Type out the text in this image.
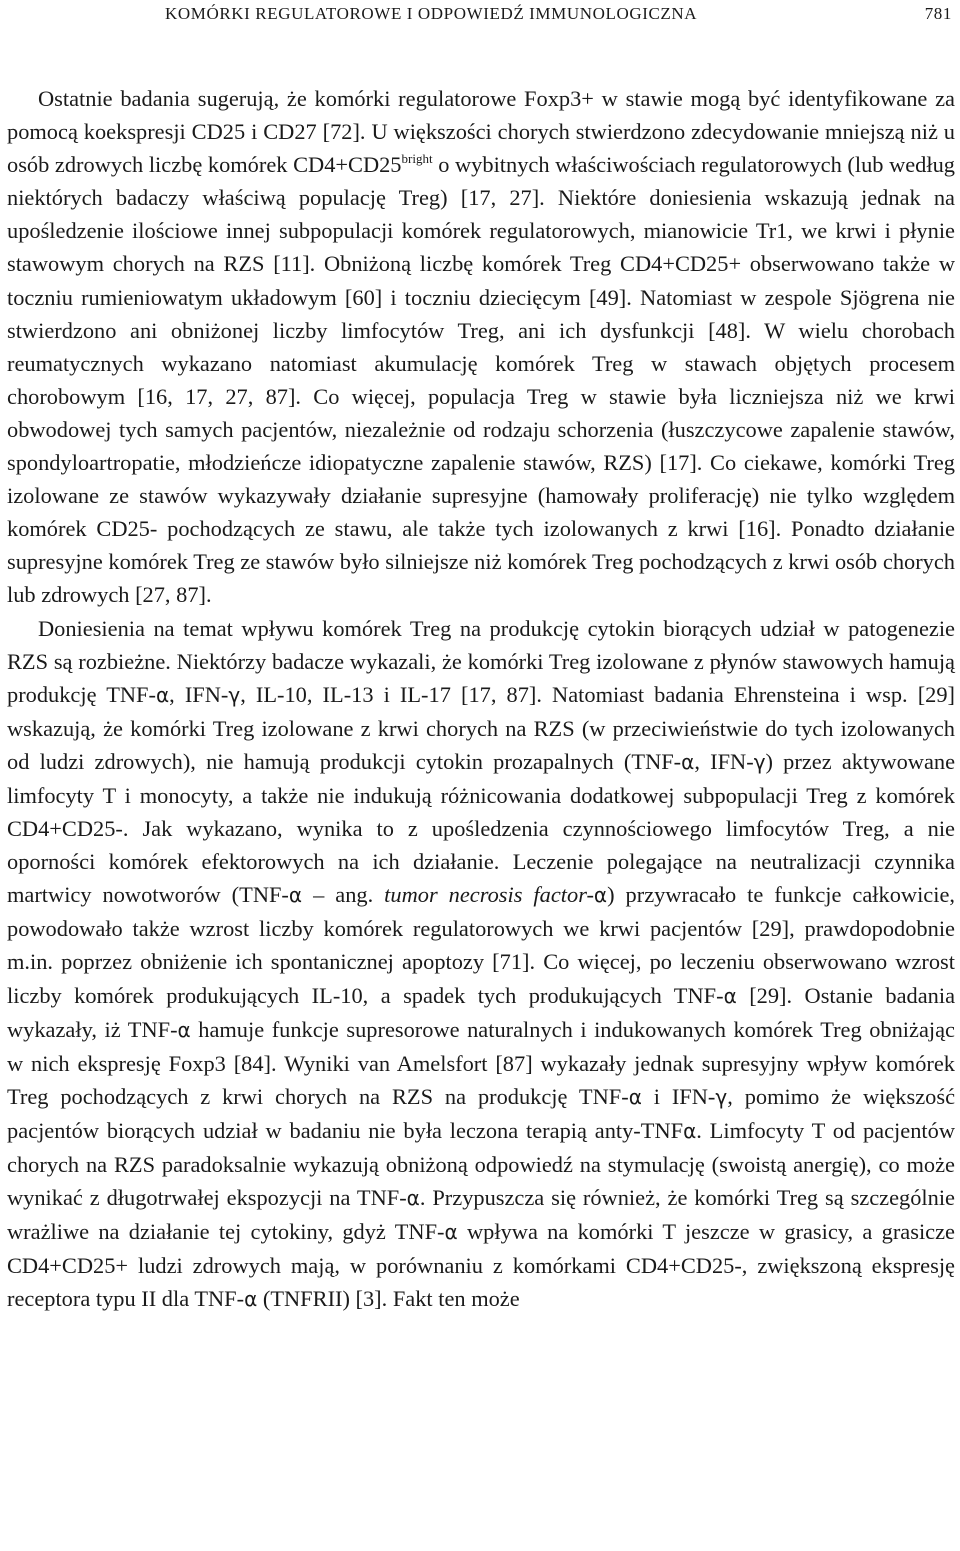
KOMÓRKI REGULATOROWE I ODPOWIEDŹ IMMUNOLOGICZNA	781

Ostatnie badania sugerują, że komórki regulatorowe Foxp3+ w stawie mogą być identyfikowane za pomocą koekspresji CD25 i CD27 [72]. U większości chorych stwierdzono zdecydowanie mniejszą niż u osób zdrowych liczbę komórek $CD4+CD25^{bright}$ o wybitnych właściwościach regulatorowych (lub według niektórych badaczy właściwą populację Treg) [17, 27]. Niektóre doniesienia wskazują jednak na upośledzenie ilościowe innej subpopulacji komórek regulatorowych, mianowicie Tr1, we krwi i płynie stawowym chorych na RZS [11]. Obniżoną liczbę komórek Treg CD4+CD25+ obserwowano także w toczniu rumieniowatym układowym [60] i toczniu dziecięcym [49]. Natomiast w zespole Sjögrena nie stwierdzono ani obniżonej liczby limfocytów Treg, ani ich dysfunkcji [48]. W wielu chorobach reumatycznych wykazano natomiast akumulację komórek Treg w stawach objętych procesem chorobowym [16, 17, 27, 87]. Co więcej, populacja Treg w stawie była liczniejsza niż we krwi obwodowej tych samych pacjentów, niezależnie od rodzaju schorzenia (łuszczycowe zapalenie stawów, spondyloartropatie, młodzieńcze idiopatyczne zapalenie stawów, RZS) [17]. Co ciekawe, komórki Treg izolowane ze stawów wykazywały działanie supresyjne (hamowały proliferację) nie tylko względem komórek CD25- pochodzących ze stawu, ale także tych izolowanych z krwi [16]. Ponadto działanie supresyjne komórek Treg ze stawów było silniejsze niż komórek Treg pochodzących z krwi osób chorych lub zdrowych [27, 87].

Doniesienia na temat wpływu komórek Treg na produkcję cytokin biorących udział w patogenezie RZS są rozbieżne. Niektórzy badacze wykazali, że komórki Treg izolowane z płynów stawowych hamują produkcję TNF-α, IFN-γ, IL-10, IL-13 i IL-17 [17, 87]. Natomiast badania Ehrensteina i wsp. [29] wskazują, że komórki Treg izolowane z krwi chorych na RZS (w przeciwieństwie do tych izolowanych od ludzi zdrowych), nie hamują produkcji cytokin prozapalnych (TNF-α, IFN-γ) przez aktywowane limfocyty T i monocyty, a także nie indukują różnicowania dodatkowej subpopulacji Treg z komórek CD4+CD25-. Jak wykazano, wynika to z upośledzenia czynnościowego limfocytów Treg, a nie oporności komórek efektorowych na ich działanie. Leczenie polegające na neutralizacji czynnika martwicy nowotworów (TNF-α – ang. tumor necrosis factor-α) przywracało te funkcje całkowicie, powodowało także wzrost liczby komórek regulatorowych we krwi pacjentów [29], prawdopodobnie m.in. poprzez obniżenie ich spontanicznej apoptozy [71]. Co więcej, po leczeniu obserwowano wzrost liczby komórek produkujących IL-10, a spadek tych produkujących TNF-α [29]. Ostanie badania wykazały, iż TNF-α hamuje funkcje supresorowe naturalnych i indukowanych komórek Treg obniżając w nich ekspresję Foxp3 [84]. Wyniki van Amelsfort [87] wykazały jednak supresyjny wpływ komórek Treg pochodzących z krwi chorych na RZS na produkcję TNF-α i IFN-γ, pomimo że większość pacjentów biorących udział w badaniu nie była leczona terapią anty-TNFα. Limfocyty T od pacjentów chorych na RZS paradoksalnie wykazują obniżoną odpowiedź na stymulację (swoistą anergię), co może wynikać z długotrwałej ekspozycji na TNF-α. Przypuszcza się również, że komórki Treg są szczególnie wrażliwe na działanie tej cytokiny, gdyż TNF-α wpływa na komórki T jeszcze w grasicy, a grasicze CD4+CD25+ ludzi zdrowych mają, w porównaniu z komórkami CD4+CD25-, zwiększoną ekspresję receptora typu II dla TNF-α (TNFRII) [3]. Fakt ten może
